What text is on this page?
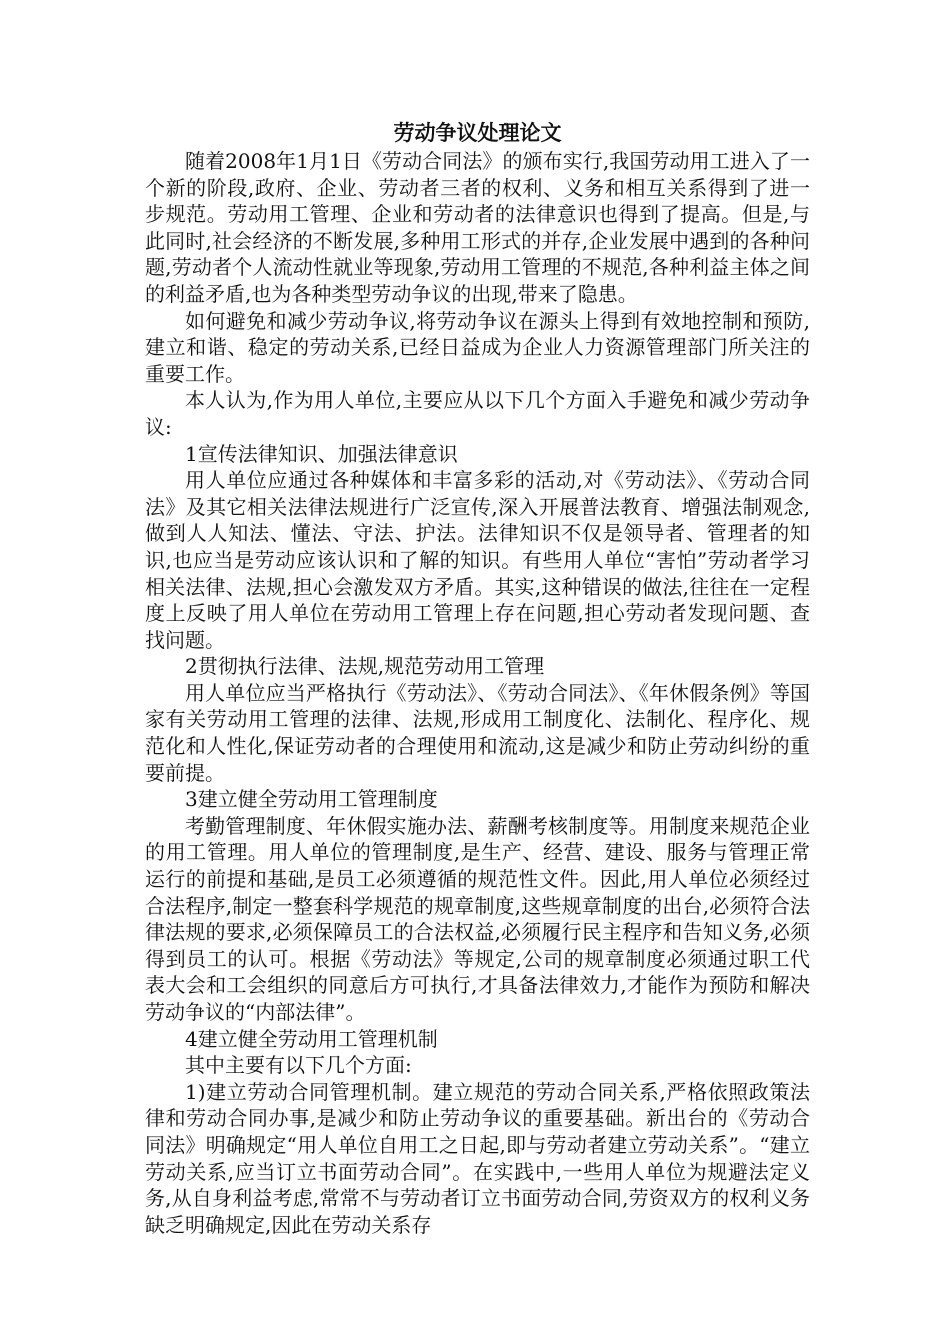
劳动争议处理论文

随着2008年1月1日《劳动合同法》的颁布实行,我国劳动用工进入了一个新的阶段,政府、企业、劳动者三者的权利、义务和相互关系得到了进一步规范。劳动用工管理、企业和劳动者的法律意识也得到了提高。但是,与此同时,社会经济的不断发展,多种用工形式的并存,企业发展中遇到的各种问题,劳动者个人流动性就业等现象,劳动用工管理的不规范,各种利益主体之间的利益矛盾,也为各种类型劳动争议的出现,带来了隐患。

如何避免和减少劳动争议,将劳动争议在源头上得到有效地控制和预防,建立和谐、稳定的劳动关系,已经日益成为企业人力资源管理部门所关注的重要工作。

本人认为,作为用人单位,主要应从以下几个方面入手避免和减少劳动争议:

1宣传法律知识、加强法律意识

用人单位应通过各种媒体和丰富多彩的活动,对《劳动法》、《劳动合同法》及其它相关法律法规进行广泛宣传,深入开展普法教育、增强法制观念,做到人人知法、懂法、守法、护法。法律知识不仅是领导者、管理者的知识,也应当是劳动应该认识和了解的知识。有些用人单位“害怕”劳动者学习相关法律、法规,担心会激发双方矛盾。其实,这种错误的做法,往往在一定程度上反映了用人单位在劳动用工管理上存在问题,担心劳动者发现问题、查找问题。

2贯彻执行法律、法规,规范劳动用工管理

用人单位应当严格执行《劳动法》、《劳动合同法》、《年休假条例》等国家有关劳动用工管理的法律、法规,形成用工制度化、法制化、程序化、规范化和人性化,保证劳动者的合理使用和流动,这是减少和防止劳动纠纷的重要前提。

3建立健全劳动用工管理制度

考勤管理制度、年休假实施办法、薪酬考核制度等。用制度来规范企业的用工管理。用人单位的管理制度,是生产、经营、建设、服务与管理正常运行的前提和基础,是员工必须遵循的规范性文件。因此,用人单位必须经过合法程序,制定一整套科学规范的规章制度,这些规章制度的出台,必须符合法律法规的要求,必须保障员工的合法权益,必须履行民主程序和告知义务,必须得到员工的认可。根据《劳动法》等规定,公司的规章制度必须通过职工代表大会和工会组织的同意后方可执行,才具备法律效力,才能作为预防和解决劳动争议的“内部法律”。

4建立健全劳动用工管理机制

其中主要有以下几个方面:

1)建立劳动合同管理机制。建立规范的劳动合同关系,严格依照政策法律和劳动合同办事,是减少和防止劳动争议的重要基础。新出台的《劳动合同法》明确规定“用人单位自用工之日起,即与劳动者建立劳动关系”。“建立劳动关系,应当订立书面劳动合同”。在实践中,一些用人单位为规避法定义务,从自身利益考虑,常常不与劳动者订立书面劳动合同,劳资双方的权利义务缺乏明确规定,因此在劳动关系存
